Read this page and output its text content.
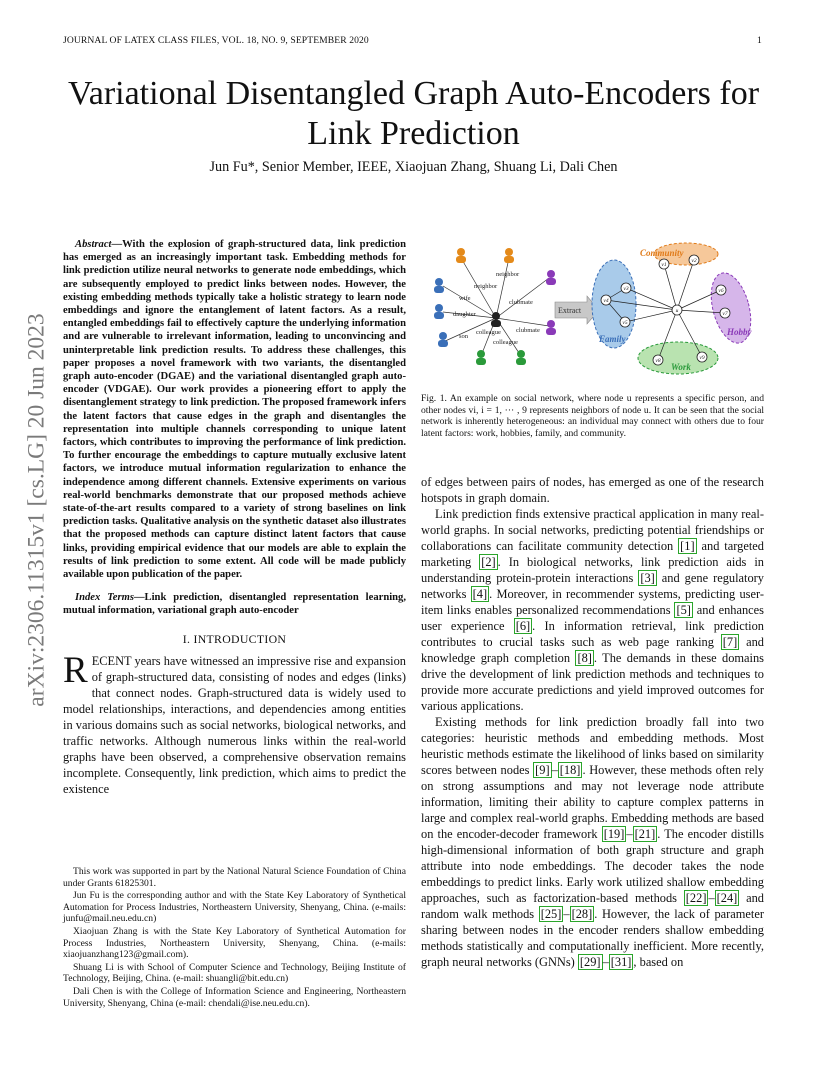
JOURNAL OF LATEX CLASS FILES, VOL. 18, NO. 9, SEPTEMBER 2020	1
arXiv:2306.11315v1 [cs.LG] 20 Jun 2023
Variational Disentangled Graph Auto-Encoders for Link Prediction
Jun Fu*, Senior Member, IEEE, Xiaojuan Zhang, Shuang Li, Dali Chen

Abstract—With the explosion of graph-structured data, link prediction has emerged as an increasingly important task. Embedding methods for link prediction utilize neural networks to generate node embeddings, which are subsequently employed to predict links between nodes. However, the existing embedding methods typically take a holistic strategy to learn node embeddings and ignore the entanglement of latent factors. As a result, entangled embeddings fail to effectively capture the underlying information and are vulnerable to irrelevant information, leading to unconvincing and uninterpretable link prediction results. To address these challenges, this paper proposes a novel framework with two variants, the disentangled graph auto-encoder (DGAE) and the variational disentangled graph auto-encoder (VDGAE). Our work provides a pioneering effort to apply the disentanglement strategy to link prediction. The proposed framework infers the latent factors that cause edges in the graph and disentangles the representation into multiple channels corresponding to unique latent factors, which contributes to improving the performance of link prediction. To further encourage the embeddings to capture mutually exclusive latent factors, we introduce mutual information regularization to enhance the independence among different channels. Extensive experiments on various real-world benchmarks demonstrate that our proposed methods achieve state-of-the-art results compared to a variety of strong baselines on link prediction tasks. Qualitative analysis on the synthetic dataset also illustrates that the proposed methods can capture distinct latent factors that cause links, providing empirical evidence that our models are able to explain the results of link prediction to some extent. All code will be made publicly available upon publication of the paper.

Index Terms—Link prediction, disentangled representation learning, mutual information, variational graph auto-encoder

I. INTRODUCTION

RECENT years have witnessed an impressive rise and expansion of graph-structured data, consisting of nodes and edges (links) that connect nodes. Graph-structured data is widely used to model relationships, interactions, and dependencies among entities in various domains such as social networks, biological networks, and traffic networks. Although numerous links within the real-world graphs have been observed, a comprehensive observation remains incomplete. Consequently, link prediction, which aims to predict the existence

This work was supported in part by the National Natural Science Foundation of China under Grants 61825301.

Jun Fu is the corresponding author and with the State Key Laboratory of Synthetical Automation for Process Industries, Northeastern University, Shenyang, China. (e-mails: junfu@mail.neu.edu.cn)

Xiaojuan Zhang is with the State Key Laboratory of Synthetical Automation for Process Industries, Northeastern University, Shenyang, China. (e-mails: xiaojuanzhang123@gmail.com).

Shuang Li is with School of Computer Science and Technology, Beijing Institute of Technology, Beijing, China. (e-mail: shuangli@bit.edu.cn)

Dali Chen is with the College of Information Science and Engineering, Northeastern University, Shenyang, China (e-mail: chendali@ise.neu.edu.cn).

neighbor
neighbor
wife
clubmate
daughter
son
colleague clubmate
colleague
Extract	u
v1
v2
v3
v4
v5
v6
v7
v8	v9
Community
Family
Hobby
Work
Fig. 1. An example on social network, where node u represents a specific person, and other nodes vi, i = 1, ··· , 9 represents neighbors of node u. It can be seen that the social network is inherently heterogeneous: an individual may connect with others due to four latent factors: work, hobbies, family, and community.

of edges between pairs of nodes, has emerged as one of the research hotspots in graph domain.

Link prediction finds extensive practical application in many real-world graphs. In social networks, predicting potential friendships or collaborations can facilitate community detection [1] and targeted marketing [2] . In biological networks, link prediction aids in understanding protein-protein interactions [3] and gene regulatory networks [4] . Moreover, in recommender systems, predicting user-item links enables personalized recommendations [5] and enhances user experience [6] . In information retrieval, link prediction contributes to crucial tasks such as web page ranking [7] and knowledge graph completion [8] . The demands in these domains drive the development of link prediction methods and techniques to provide more accurate predictions and yield improved outcomes for various applications.

Existing methods for link prediction broadly fall into two categories: heuristic methods and embedding methods. Most heuristic methods estimate the likelihood of links based on similarity scores between nodes [9] – [18] . However, these methods often rely on strong assumptions and may not leverage node attribute information, limiting their ability to capture complex patterns in large and complex real-world graphs. Embedding methods are based on the encoder-decoder framework [19] – [21] . The encoder distills high-dimensional information of both graph structure and graph attribute into node embeddings. The decoder takes the node embeddings to predict links. Early work utilized shallow embedding approaches, such as factorization-based methods [22] – [24] and random walk methods [25] – [28] . However, the lack of parameter sharing between nodes in the encoder renders shallow embedding methods statistically and computationally inefficient. More recently, graph neural networks (GNNs) [29] – [31] , based on
